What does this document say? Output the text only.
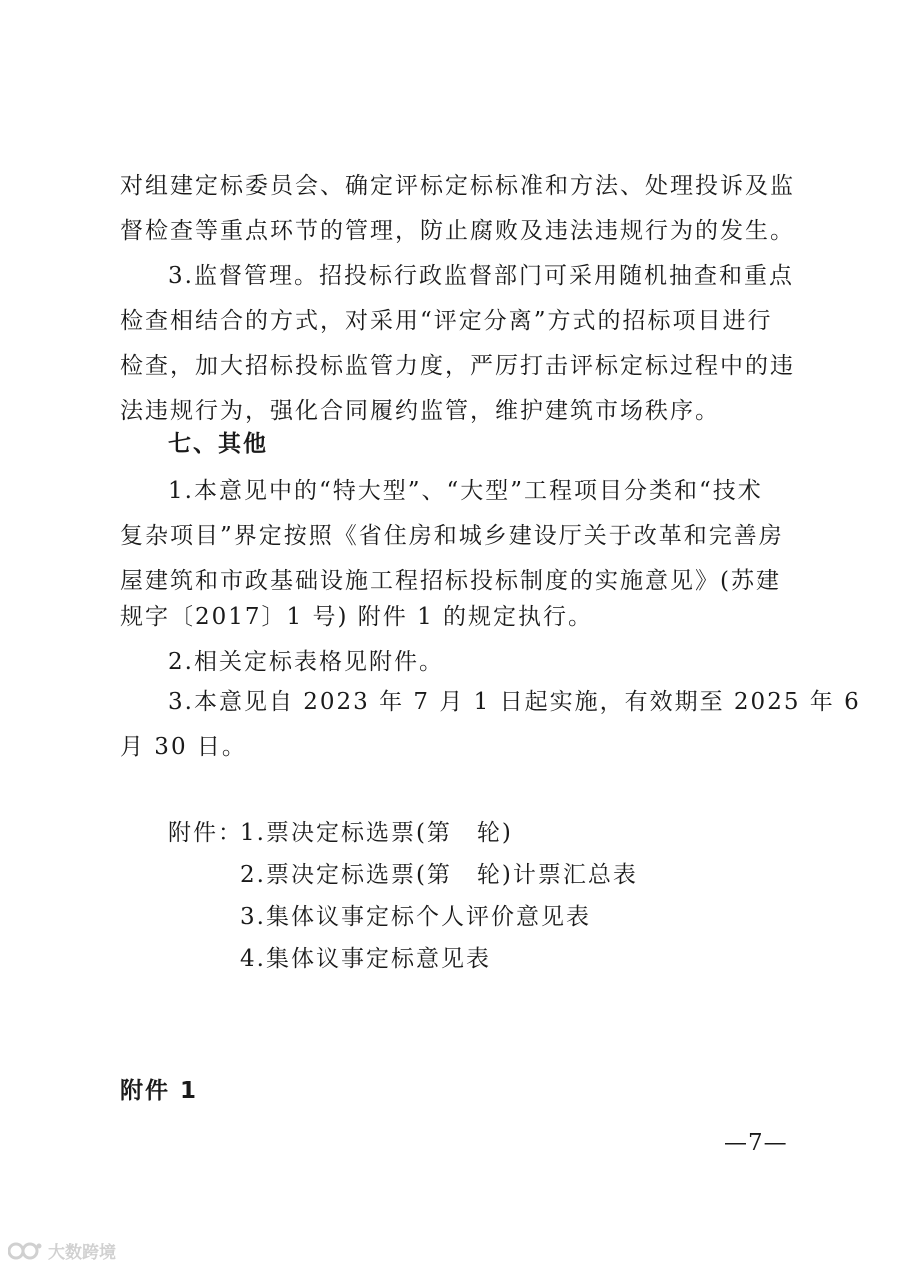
对组建定标委员会、确定评标定标标准和方法、处理投诉及监
督检查等重点环节的管理，防止腐败及违法违规行为的发生。
3.监督管理。招投标行政监督部门可采用随机抽查和重点
检查相结合的方式，对采用“评定分离”方式的招标项目进行
检查，加大招标投标监管力度，严厉打击评标定标过程中的违
法违规行为，强化合同履约监管，维护建筑市场秩序。
七、其他
1.本意见中的“特大型”、“大型”工程项目分类和“技术
复杂项目”界定按照《省住房和城乡建设厅关于改革和完善房
屋建筑和市政基础设施工程招标投标制度的实施意见》(苏建
规字〔2017〕1 号) 附件 1 的规定执行。
2.相关定标表格见附件。
3.本意见自 2023 年 7 月 1 日起实施，有效期至 2025 年 6
月 30 日。
附件：
1.票决定标选票(第　轮)
2.票决定标选票(第　轮)计票汇总表
3.集体议事定标个人评价意见表
4.集体议事定标意见表
附件 1
—7—
大数跨境
